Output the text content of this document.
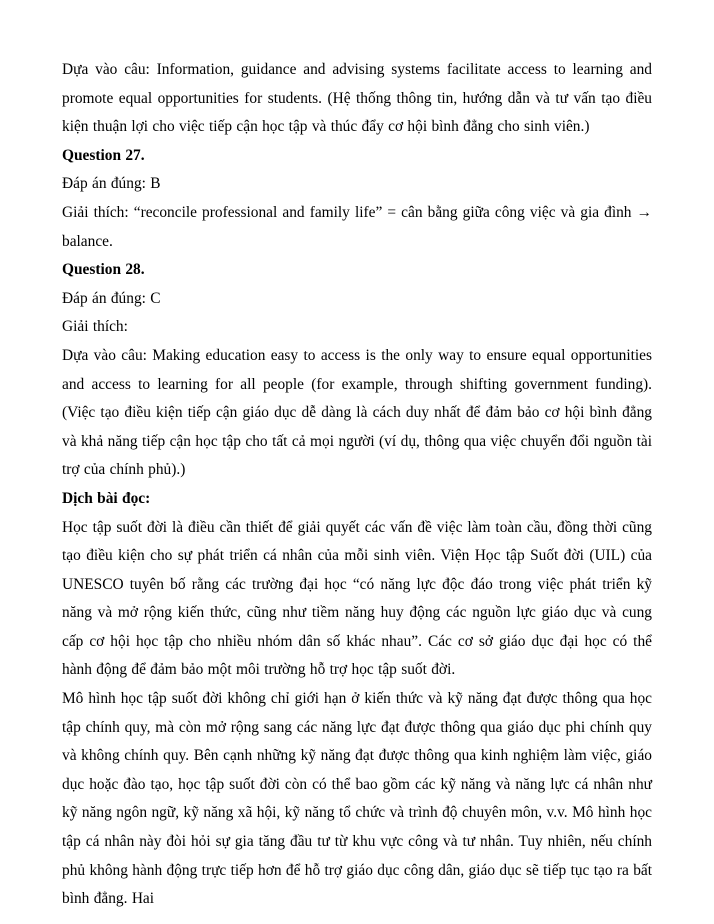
Dựa vào câu: Information, guidance and advising systems facilitate access to learning and promote equal opportunities for students. (Hệ thống thông tin, hướng dẫn và tư vấn tạo điều kiện thuận lợi cho việc tiếp cận học tập và thúc đẩy cơ hội bình đẳng cho sinh viên.)

Question 27.

Đáp án đúng: B

Giải thích: “reconcile professional and family life” = cân bằng giữa công việc và gia đình → balance.

Question 28.

Đáp án đúng: C

Giải thích:

Dựa vào câu: Making education easy to access is the only way to ensure equal opportunities and access to learning for all people (for example, through shifting government funding). (Việc tạo điều kiện tiếp cận giáo dục dễ dàng là cách duy nhất để đảm bảo cơ hội bình đẳng và khả năng tiếp cận học tập cho tất cả mọi người (ví dụ, thông qua việc chuyển đổi nguồn tài trợ của chính phủ).)

Dịch bài đọc:

Học tập suốt đời là điều cần thiết để giải quyết các vấn đề việc làm toàn cầu, đồng thời cũng tạo điều kiện cho sự phát triển cá nhân của mỗi sinh viên. Viện Học tập Suốt đời (UIL) của UNESCO tuyên bố rằng các trường đại học “có năng lực độc đáo trong việc phát triển kỹ năng và mở rộng kiến thức, cũng như tiềm năng huy động các nguồn lực giáo dục và cung cấp cơ hội học tập cho nhiều nhóm dân số khác nhau”. Các cơ sở giáo dục đại học có thể hành động để đảm bảo một môi trường hỗ trợ học tập suốt đời.

Mô hình học tập suốt đời không chỉ giới hạn ở kiến thức và kỹ năng đạt được thông qua học tập chính quy, mà còn mở rộng sang các năng lực đạt được thông qua giáo dục phi chính quy và không chính quy. Bên cạnh những kỹ năng đạt được thông qua kinh nghiệm làm việc, giáo dục hoặc đào tạo, học tập suốt đời còn có thể bao gồm các kỹ năng và năng lực cá nhân như kỹ năng ngôn ngữ, kỹ năng xã hội, kỹ năng tổ chức và trình độ chuyên môn, v.v. Mô hình học tập cá nhân này đòi hỏi sự gia tăng đầu tư từ khu vực công và tư nhân. Tuy nhiên, nếu chính phủ không hành động trực tiếp hơn để hỗ trợ giáo dục công dân, giáo dục sẽ tiếp tục tạo ra bất bình đẳng. Hai
